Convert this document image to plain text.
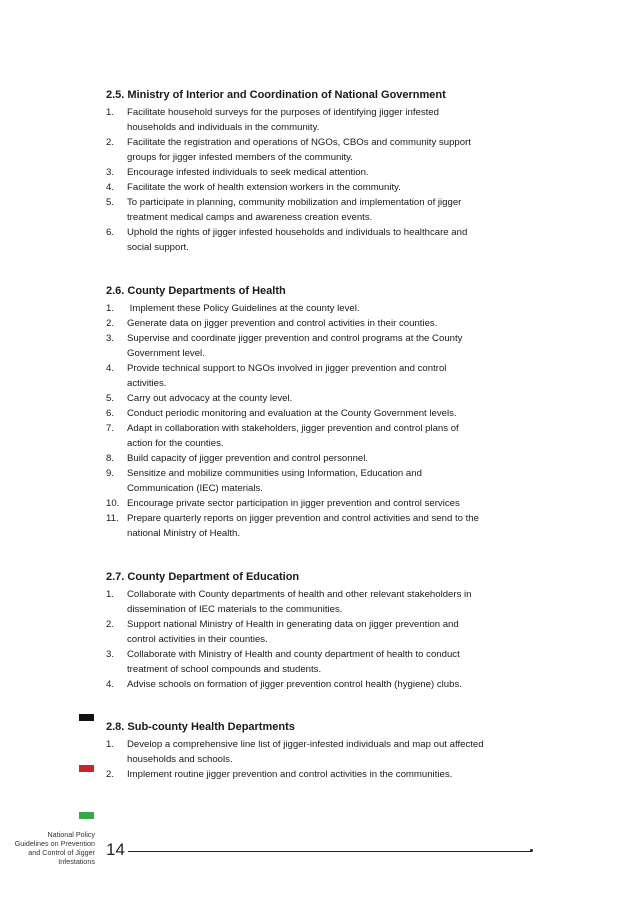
2.5. Ministry of Interior and Coordination of National Government
1. Facilitate household surveys for the purposes of identifying jigger infested
households and individuals in the community.
2. Facilitate the registration and operations of NGOs, CBOs and community support
groups for jigger infested members of the community.
3. Encourage infested individuals to seek medical attention.
4. Facilitate the work of health extension workers in the community.
5. To participate in planning, community mobilization and implementation of jigger
treatment medical camps and awareness creation events.
6. Uphold the rights of jigger infested households and individuals to healthcare and
social support.
2.6. County Departments of Health
1. Implement these Policy Guidelines at the county level.
2. Generate data on jigger prevention and control activities in their counties.
3. Supervise and coordinate jigger prevention and control programs at the County
Government level.
4. Provide technical support to NGOs involved in jigger prevention and control
activities.
5. Carry out advocacy at the county level.
6. Conduct periodic monitoring and evaluation at the County Government levels.
7. Adapt in collaboration with stakeholders, jigger prevention and control plans of
action for the counties.
8. Build capacity of jigger prevention and control personnel.
9. Sensitize and mobilize communities using Information, Education and
Communication (IEC) materials.
10. Encourage private sector participation in jigger prevention and control services
11. Prepare quarterly reports on jigger prevention and control activities and send to the
national Ministry of Health.
2.7. County Department of Education
1. Collaborate with County departments of health and other relevant stakeholders in
dissemination of IEC materials to the communities.
2. Support national Ministry of Health in generating data on jigger prevention and
control activities in their counties.
3. Collaborate with Ministry of Health and county department of health to conduct
treatment of school compounds and students.
4. Advise schools on formation of jigger prevention control health (hygiene) clubs.
2.8. Sub-county Health Departments
1. Develop a comprehensive line list of jigger-infested individuals and map out affected
households and schools.
2. Implement routine jigger prevention and control activities in the communities.
National Policy
Guidelines on Prevention
and Control of Jigger
Infestations
14
